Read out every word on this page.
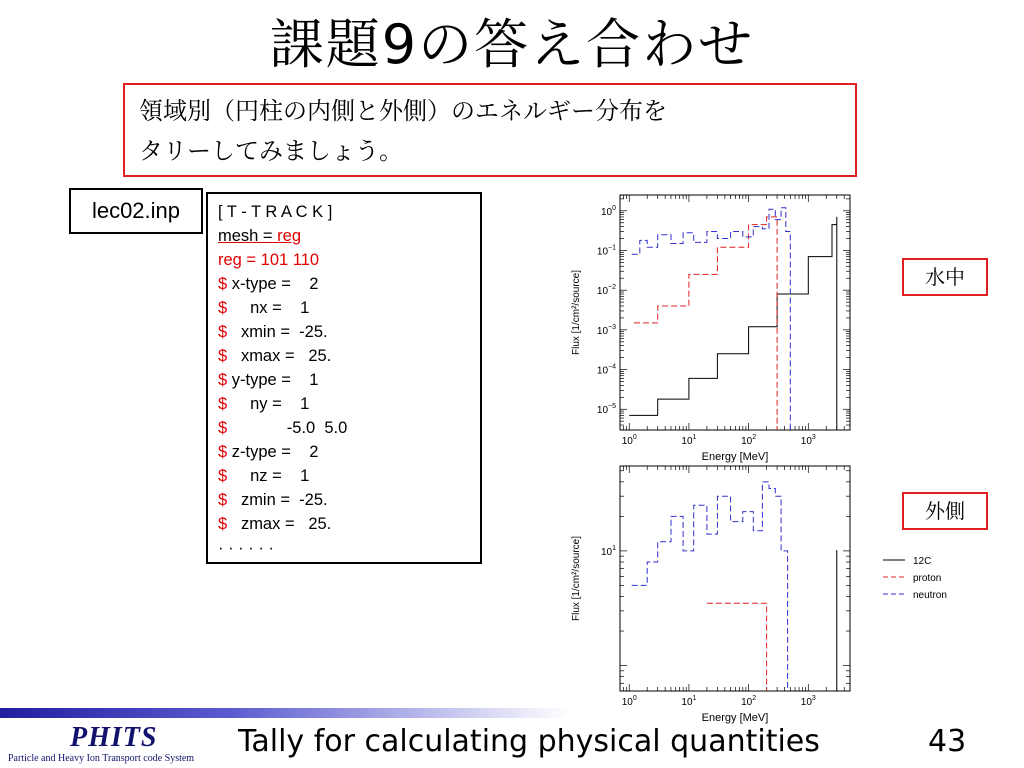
課題9の答え合わせ
領域別（円柱の内側と外側）のエネルギー分布を
タリーしてみましょう。
lec02.inp	[ T - T R A C K ]
mesh = reg
reg = 101 110
$ x-type =    2
$     nx =    1
$   xmin =  -25.
$   xmax =   25.
$ y-type =    1
$     ny =    1
$             -5.0  5.0
$ z-type =    2
$     nz =    1
$   zmin =  -25.
$   zmax =   25.
· · · · · ·
$10^0$	$10^1$	$10^2$	$10^3$
$10^0$
$10^{-1}$
$10^{-2}$
$10^{-3}$
$10^{-4}$
$10^{-5}$
Energy [MeV]
Flux [1/cm²/source]
$10^0$	$10^1$	$10^2$	$10^3$
$10^1$
Energy [MeV]
Flux [1/cm²/source]	12C
proton
neutron
水中
外側
PHITS
Particle and Heavy Ion Transport code System Tally for calculating physical quantities	43
